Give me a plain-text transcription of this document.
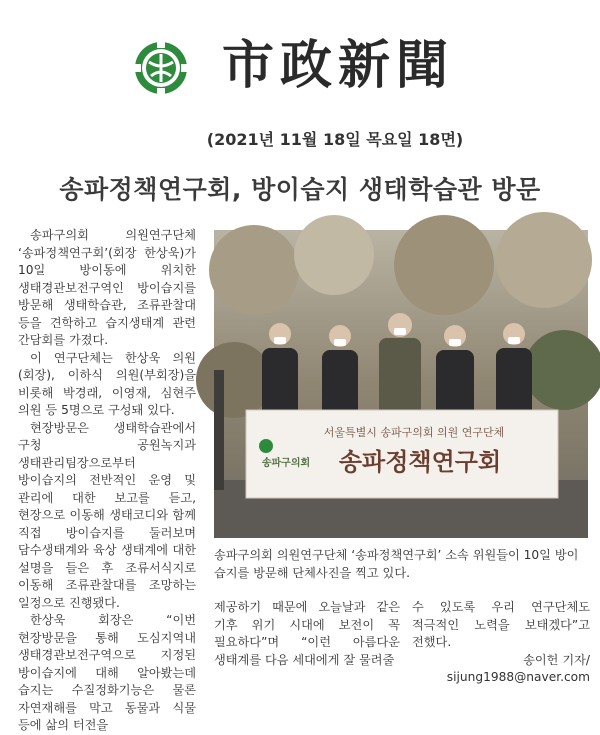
市政新聞
(2021년 11월 18일 목요일 18면)
송파정책연구회, 방이습지 생태학습관 방문

송파구의회 의원연구단체 ‘송파정책연구회’(회장 한상욱)가 10일 방이동에 위치한 생태경관보전구역인 방이습지를 방문해 생태학습관, 조류관찰대 등을 견학하고 습지생태계 관련 간담회를 가졌다.

이 연구단체는 한상욱 의원(회장), 이하식 의원(부회장)을 비롯해 박경래, 이영재, 심현주 의원 등 5명으로 구성돼 있다.

현장방문은 생태학습관에서 구청 공원녹지과 생태관리팀장으로부터 방이습지의 전반적인 운영 및 관리에 대한 보고를 듣고, 현장으로 이동해 생태코디와 함께 직접 방이습지를 둘러보며 담수생태계와 육상 생태계에 대한 설명을 들은 후 조류서식지로 이동해 조류관찰대를 조망하는 일정으로 진행됐다.

한상욱 회장은 “이번 현장방문을 통해 도심지역내 생태경관보전구역으로 지정된 방이습지에 대해 알아봤는데 습지는 수질정화기능은 물론 자연재해를 막고 동물과 식물 등에 삶의 터전을

서울특별시 송파구의회 의원 연구단체
송파정책연구회
송파구의회
송파구의회 의원연구단체 ‘송파정책연구회’ 소속 위원들이 10일 방이습지를 방문해 단체사진을 찍고 있다.

제공하기 때문에 오늘날과 같은 기후 위기 시대에 보전이 꼭 필요하다”며 “이런 아름다운 생태계를 다음 세대에게 잘 물려줄

수 있도록 우리 연구단체도 적극적인 노력을 보태겠다”고 전했다.

송이헌 기자/

sijung1988@naver.com
